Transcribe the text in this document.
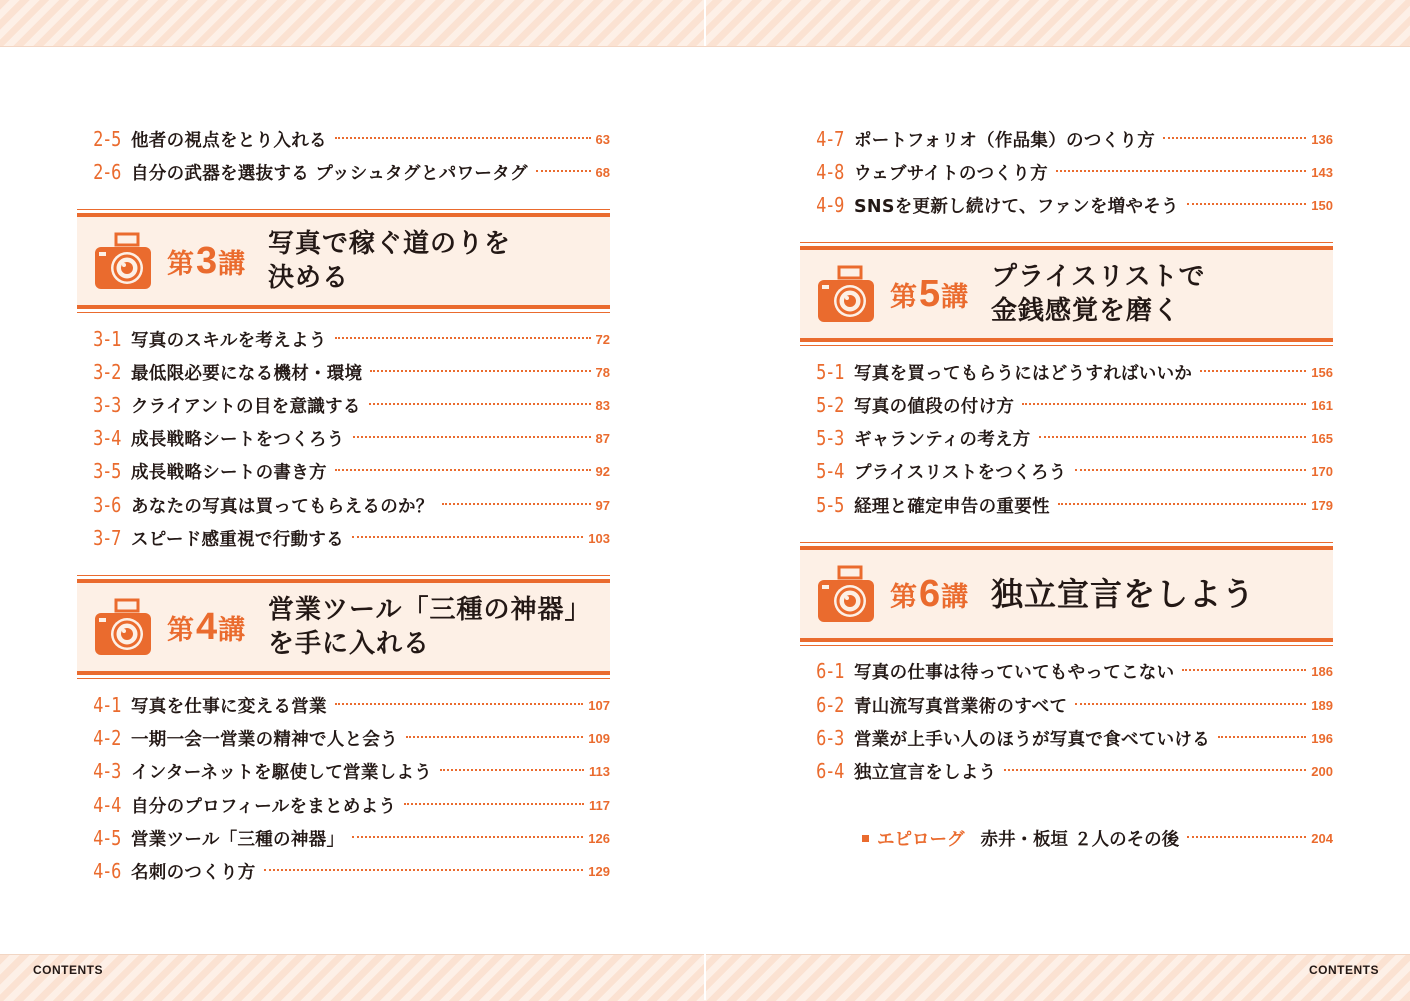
2-5 他者の視点をとり入れる	63
2-6 自分の武器を選抜する プッシュタグとパワータグ	68
第 3 講
写真で稼ぐ道のりを
決める
3-1 写真のスキルを考えよう	72
3-2 最低限必要になる機材・環境	78
3-3 クライアントの目を意識する	83
3-4 成長戦略シートをつくろう	87
3-5 成長戦略シートの書き方	92
3-6 あなたの写真は買ってもらえるのか？	97
3-7 スピード感重視で行動する	103
第 4 講
営業ツール「三種の神器」
を手に入れる
4-1 写真を仕事に変える営業	107
4-2 一期一会一営業の精神で人と会う	109
4-3 インターネットを駆使して営業しよう	113
4-4 自分のプロフィールをまとめよう	117
4-5 営業ツール「三種の神器」	126
4-6 名刺のつくり方	129
4-7 ポートフォリオ（作品集）のつくり方	136
4-8 ウェブサイトのつくり方	143
4-9 SNSを更新し続けて、ファンを増やそう	150
第 5 講
プライスリストで
金銭感覚を磨く
5-1 写真を買ってもらうにはどうすればいいか	156
5-2 写真の値段の付け方	161
5-3 ギャランティの考え方	165
5-4 プライスリストをつくろう	170
5-5 経理と確定申告の重要性	179
第 6 講 独立宣言をしよう
6-1 写真の仕事は待っていてもやってこない	186
6-2 青山流写真営業術のすべて	189
6-3 営業が上手い人のほうが写真で食べていける	196
6-4 独立宣言をしよう	200
エピローグ 赤井・板垣 ２人のその後	204
CONTENTS	CONTENTS
